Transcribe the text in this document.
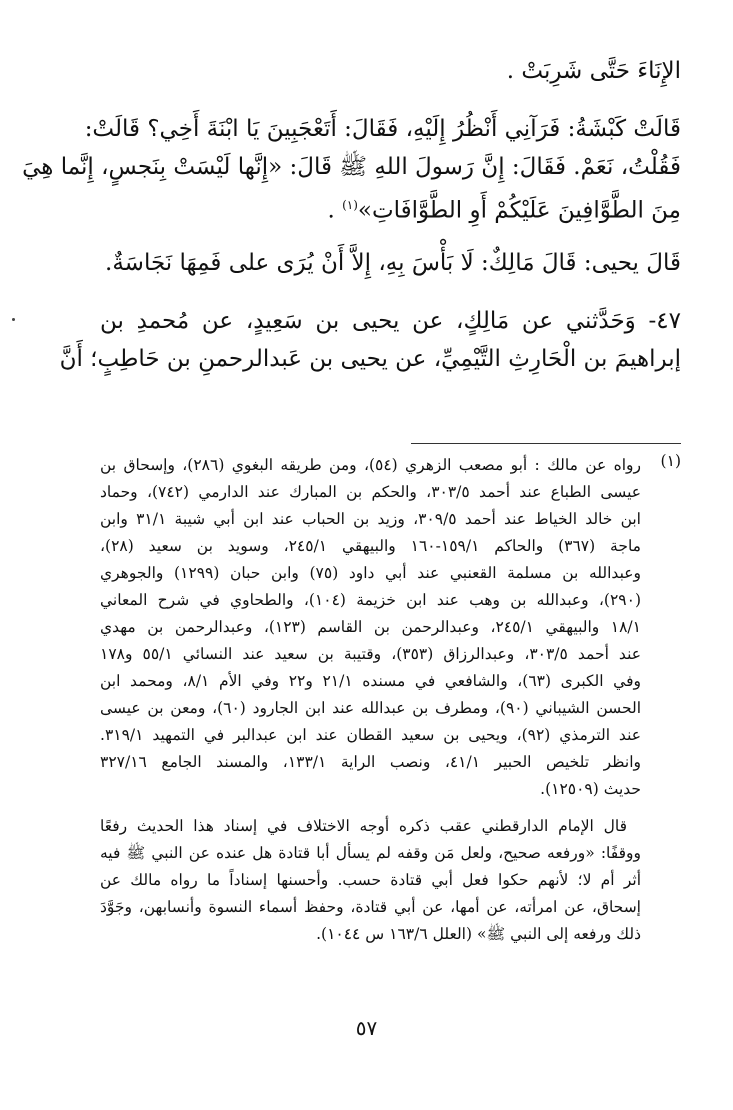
الإِنَاءَ حَتَّى شَرِبَتْ .
قَالَتْ كَبْشَةُ: فَرَآنِي أَنْظُرُ إِلَيْهِ، فَقَالَ: أَتَعْجَبِينَ يَا ابْنَةَ أَخِي؟ قَالَتْ:
فَقُلْتُ، نَعَمْ. فَقَالَ: إِنَّ رَسولَ اللهِ ﷺ قَالَ: «إِنَّها لَيْسَتْ بِنَجسٍ، إِنَّما هِيَ
مِنَ الطَّوَّافِينَ عَلَيْكُمْ أَوِ الطَّوَّافَاتِ»$^{(١)}$ .
قَالَ يحيى: قَالَ مَالِكٌ: لَا بَأْسَ بِهِ، إِلاَّ أَنْ يُرَى على فَمِهَا نَجَاسَةٌ.
٤٧- وَحَدَّثني عن مَالِكٍ، عن يحيى بن سَعِيدٍ، عن مُحمدِ بن
إبراهيمَ بن الْحَارِثِ التَّيْمِيِّ، عن يحيى بن عَبدالرحمنِ بن حَاطِبٍ؛ أَنَّ
(١)
رواه عن مالك : أبو مصعب الزهري (٥٤)، ومن طريقه البغوي (٢٨٦)، وإسحاق بن
عيسى الطباع عند أحمد ٣٠٣/٥، والحكم بن المبارك عند الدارمي (٧٤٢)، وحماد
ابن خالد الخياط عند أحمد ٣٠٩/٥، وزيد بن الحباب عند ابن أبي شيبة ٣١/١ وابن
ماجة (٣٦٧) والحاكم ١٥٩/١-١٦٠ والبيهقي ٢٤٥/١، وسويد بن سعيد (٢٨)،
وعبدالله بن مسلمة القعنبي عند أبي داود (٧٥) وابن حبان (١٢٩٩) والجوهري
(٢٩٠)، وعبدالله بن وهب عند ابن خزيمة (١٠٤)، والطحاوي في شرح المعاني
١٨/١ والبيهقي ٢٤٥/١، وعبدالرحمن بن القاسم (١٢٣)، وعبدالرحمن بن مهدي
عند أحمد ٣٠٣/٥، وعبدالرزاق (٣٥٣)، وقتيبة بن سعيد عند النسائي ٥٥/١ و١٧٨
وفي الكبرى (٦٣)، والشافعي في مسنده ٢١/١ و٢٢ وفي الأم ٨/١، ومحمد ابن
الحسن الشيباني (٩٠)، ومطرف بن عبدالله عند ابن الجارود (٦٠)، ومعن بن عيسى
عند الترمذي (٩٢)، ويحيى بن سعيد القطان عند ابن عبدالبر في التمهيد ٣١٩/١.
وانظر تلخيص الحبير ٤١/١، ونصب الراية ١٣٣/١، والمسند الجامع ٣٢٧/١٦
حديث (١٢٥٠٩).
قال الإمام الدارقطني عقب ذكره أوجه الاختلاف في إسناد هذا الحديث رفعًا
ووقفًا: «ورفعه صحيح، ولعل مَن وقفه لم يسأل أبا قتادة هل عنده عن النبي ﷺ فيه
أثر أم لا؛ لأنهم حكوا فعل أبي قتادة حسب. وأحسنها إسناداً ما رواه مالك عن
إسحاق، عن امرأته، عن أمها، عن أبي قتادة، وحفظ أسماء النسوة وأنسابهن، وجَوَّدَ
ذلك ورفعه إلى النبي ﷺ» (العلل ١٦٣/٦ س ١٠٤٤).
٥٧
